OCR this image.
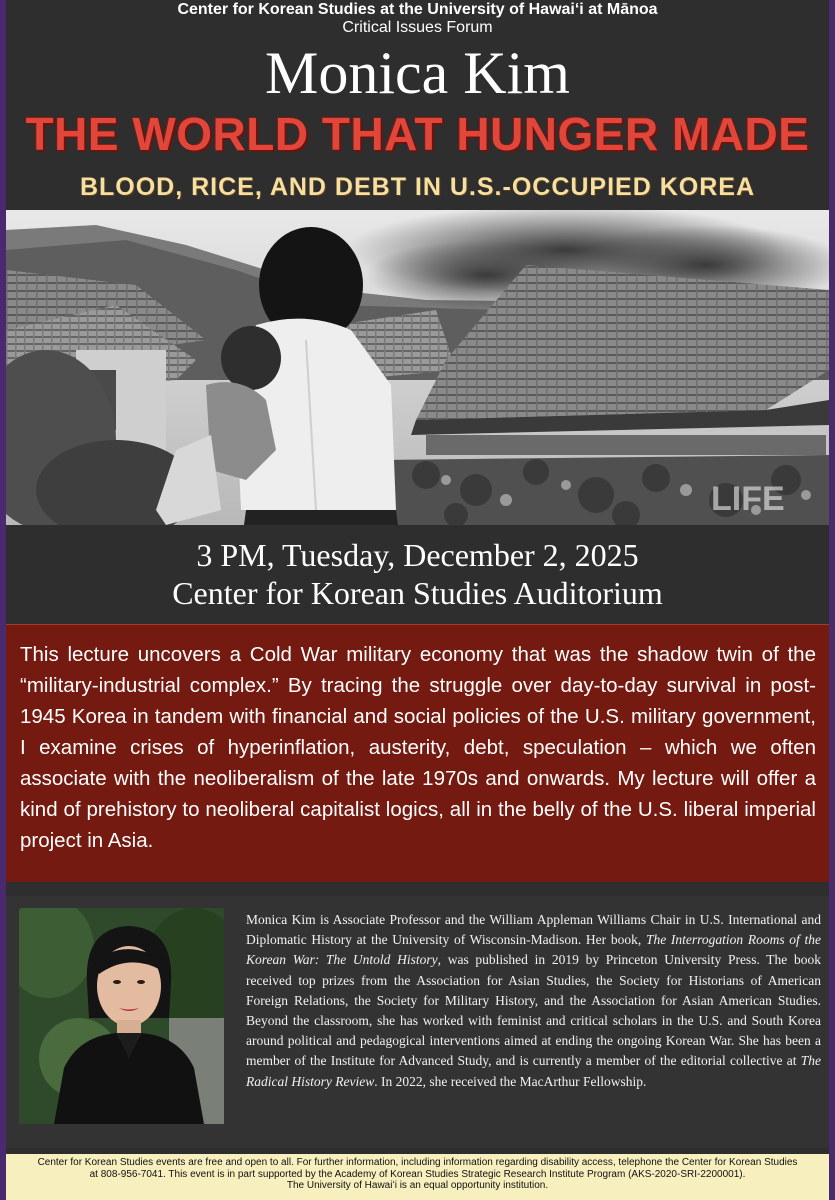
Center for Korean Studies at the University of Hawaiʻi at Mānoa
Critical Issues Forum
Monica Kim
THE WORLD THAT HUNGER MADE
BLOOD, RICE, AND DEBT IN U.S.-OCCUPIED KOREA
LIFE
3 PM, Tuesday, December 2, 2025
Center for Korean Studies Auditorium

This lecture uncovers a Cold War military economy that was the shadow twin of the “military-industrial complex.” By tracing the struggle over day-to-day survival in post-1945 Korea in tandem with financial and social policies of the U.S. military government, I examine crises of hyperinflation, austerity, debt, speculation – which we often associate with the neoliberalism of the late 1970s and onwards. My lecture will offer a kind of prehistory to neoliberal capitalist logics, all in the belly of the U.S. liberal imperial project in Asia.

Monica Kim is Associate Professor and the William Appleman Williams Chair in U.S. International and Diplomatic History at the University of Wisconsin-Madison. Her book, The Interrogation Rooms of the Korean War: The Untold History, was published in 2019 by Princeton University Press. The book received top prizes from the Association for Asian Studies, the Society for Historians of American Foreign Relations, the Society for Military History, and the Association for Asian American Studies. Beyond the classroom, she has worked with feminist and critical scholars in the U.S. and South Korea around political and pedagogical interventions aimed at ending the ongoing Korean War. She has been a member of the Institute for Advanced Study, and is currently a member of the editorial collective at The Radical History Review. In 2022, she received the MacArthur Fellowship.

Center for Korean Studies events are free and open to all. For further information, including information regarding disability access, telephone the Center for Korean Studies
at 808-956-7041. This event is in part supported by the Academy of Korean Studies Strategic Research Institute Program (AKS-2020-SRI-2200001).
The University of Hawaiʻi is an equal opportunity institution.
